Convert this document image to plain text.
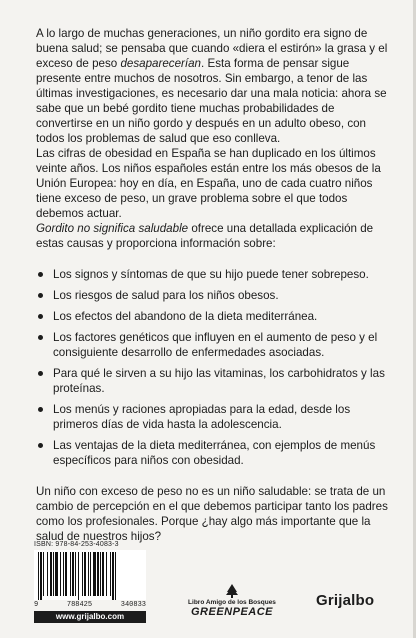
A lo largo de muchas generaciones, un niño gordito era signo de buena salud; se pensaba que cuando «diera el estirón» la grasa y el exceso de peso desaparecerían. Esta forma de pensar sigue presente entre muchos de nosotros. Sin embargo, a tenor de las últimas investigaciones, es necesario dar una mala noticia: ahora se sabe que un bebé gordito tiene muchas probabilidades de convertirse en un niño gordo y después en un adulto obeso, con todos los problemas de salud que eso conlleva.

Las cifras de obesidad en España se han duplicado en los últimos veinte años. Los niños españoles están entre los más obesos de la Unión Europea: hoy en día, en España, uno de cada cuatro niños tiene exceso de peso, un grave problema sobre el que todos debemos actuar.

Gordito no significa saludable ofrece una detallada explicación de estas causas y proporciona información sobre:

Los signos y síntomas de que su hijo puede tener sobrepeso.
Los riesgos de salud para los niños obesos.
Los efectos del abandono de la dieta mediterránea.
Los factores genéticos que influyen en el aumento de peso y el consiguiente desarrollo de enfermedades asociadas.
Para qué le sirven a su hijo las vitaminas, los carbohidratos y las proteínas.
Los menús y raciones apropiadas para la edad, desde los primeros días de vida hasta la adolescencia.
Las ventajas de la dieta mediterránea, con ejemplos de menús específicos para niños con obesidad.

Un niño con exceso de peso no es un niño saludable: se trata de un cambio de percepción en el que debemos participar tanto los padres como los profesionales. Porque ¿hay algo más importante que la salud de nuestros hijos?

ISBN: 978-84-253-4083-3
9	788425	340833
www.grijalbo.com
Libro Amigo de los Bosques
GREENPEACE
Grijalbo
